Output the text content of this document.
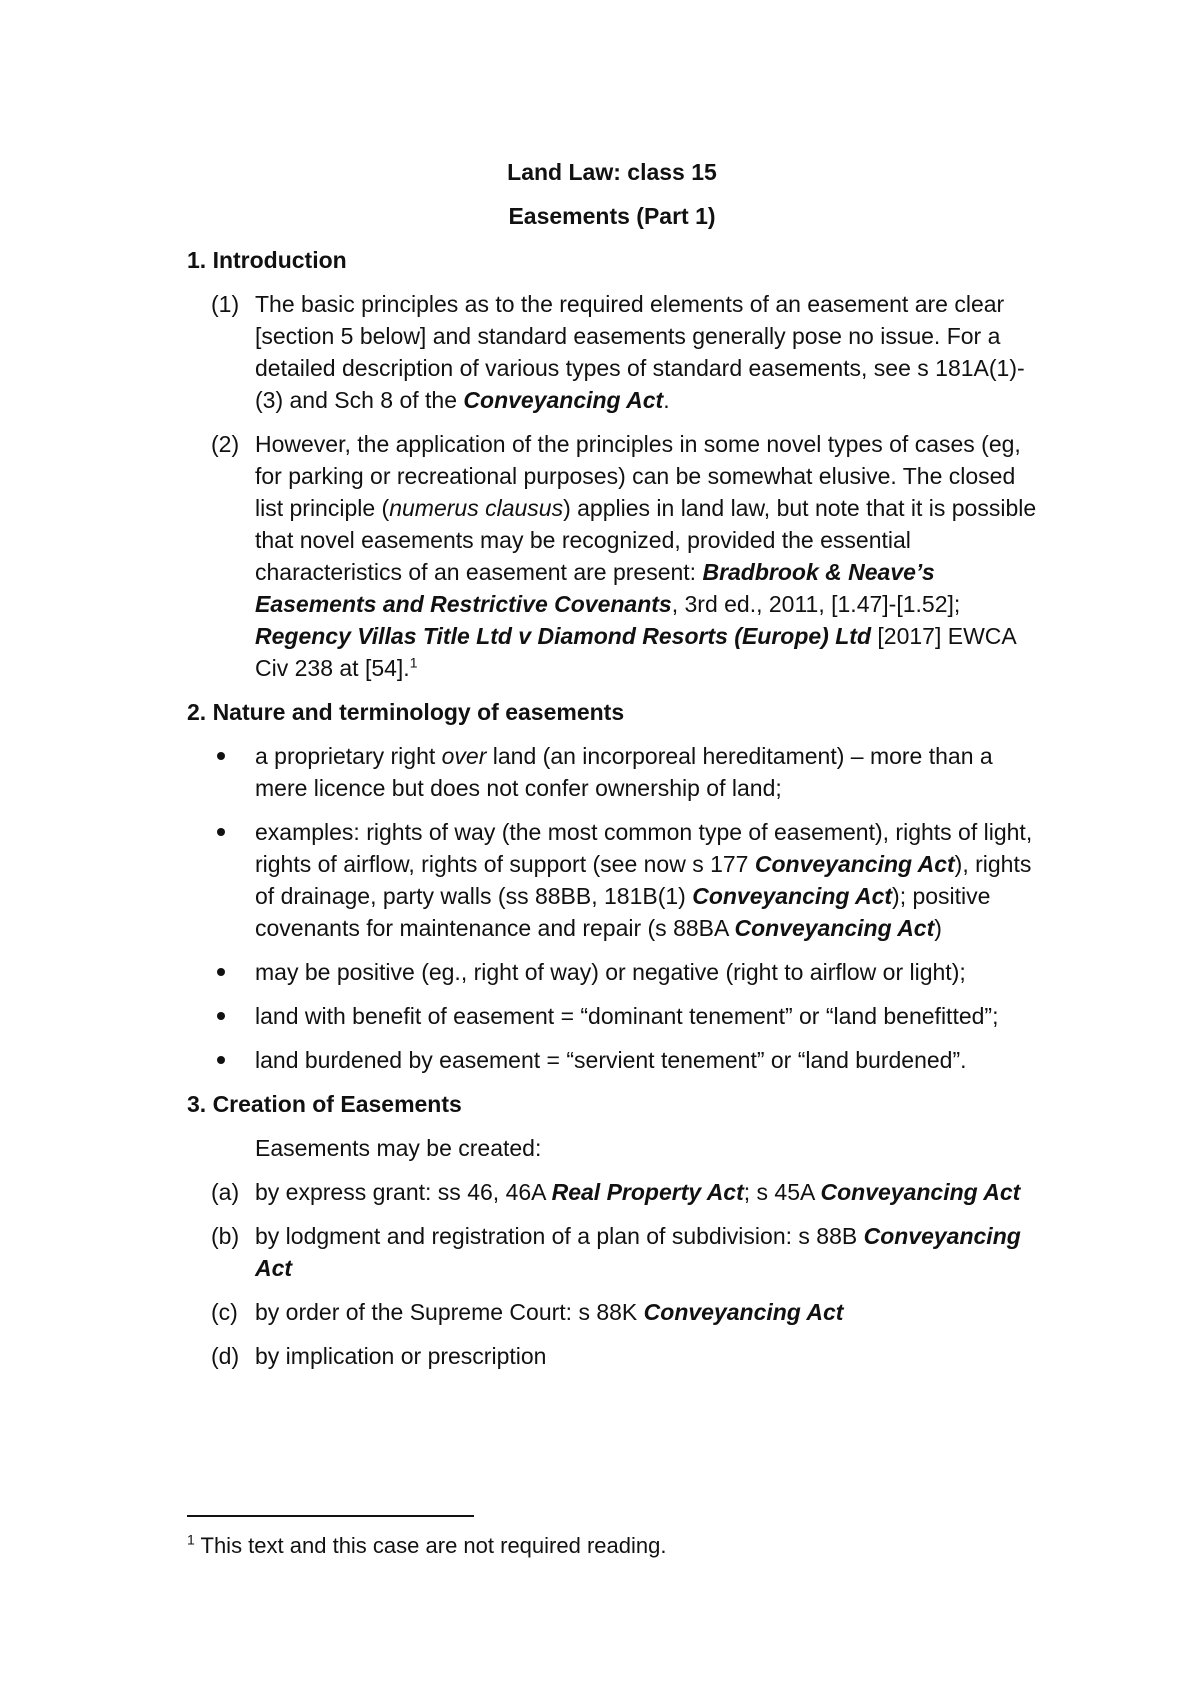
Land Law: class 15
Easements (Part 1)
1. Introduction
(1) The basic principles as to the required elements of an easement are clear [section 5 below] and standard easements generally pose no issue. For a detailed description of various types of standard easements, see s 181A(1)-(3) and Sch 8 of the Conveyancing Act.
(2) However, the application of the principles in some novel types of cases (eg, for parking or recreational purposes) can be somewhat elusive. The closed list principle (numerus clausus) applies in land law, but note that it is possible that novel easements may be recognized, provided the essential characteristics of an easement are present: Bradbrook & Neave’s Easements and Restrictive Covenants, 3rd ed., 2011, [1.47]-[1.52]; Regency Villas Title Ltd v Diamond Resorts (Europe) Ltd [2017] EWCA Civ 238 at [54].$^1$
2. Nature and terminology of easements
a proprietary right over land (an incorporeal hereditament) – more than a mere licence but does not confer ownership of land;
examples: rights of way (the most common type of easement), rights of light, rights of airflow, rights of support (see now s 177 Conveyancing Act), rights of drainage, party walls (ss 88BB, 181B(1) Conveyancing Act); positive covenants for maintenance and repair (s 88BA Conveyancing Act)
may be positive (eg., right of way) or negative (right to airflow or light);
land with benefit of easement = “dominant tenement” or “land benefitted”;
land burdened by easement = “servient tenement” or “land burdened”.
3. Creation of Easements
Easements may be created:
(a) by express grant: ss 46, 46A Real Property Act; s 45A Conveyancing Act
(b) by lodgment and registration of a plan of subdivision: s 88B Conveyancing Act
(c) by order of the Supreme Court: s 88K Conveyancing Act
(d) by implication or prescription
$^1$ This text and this case are not required reading.
